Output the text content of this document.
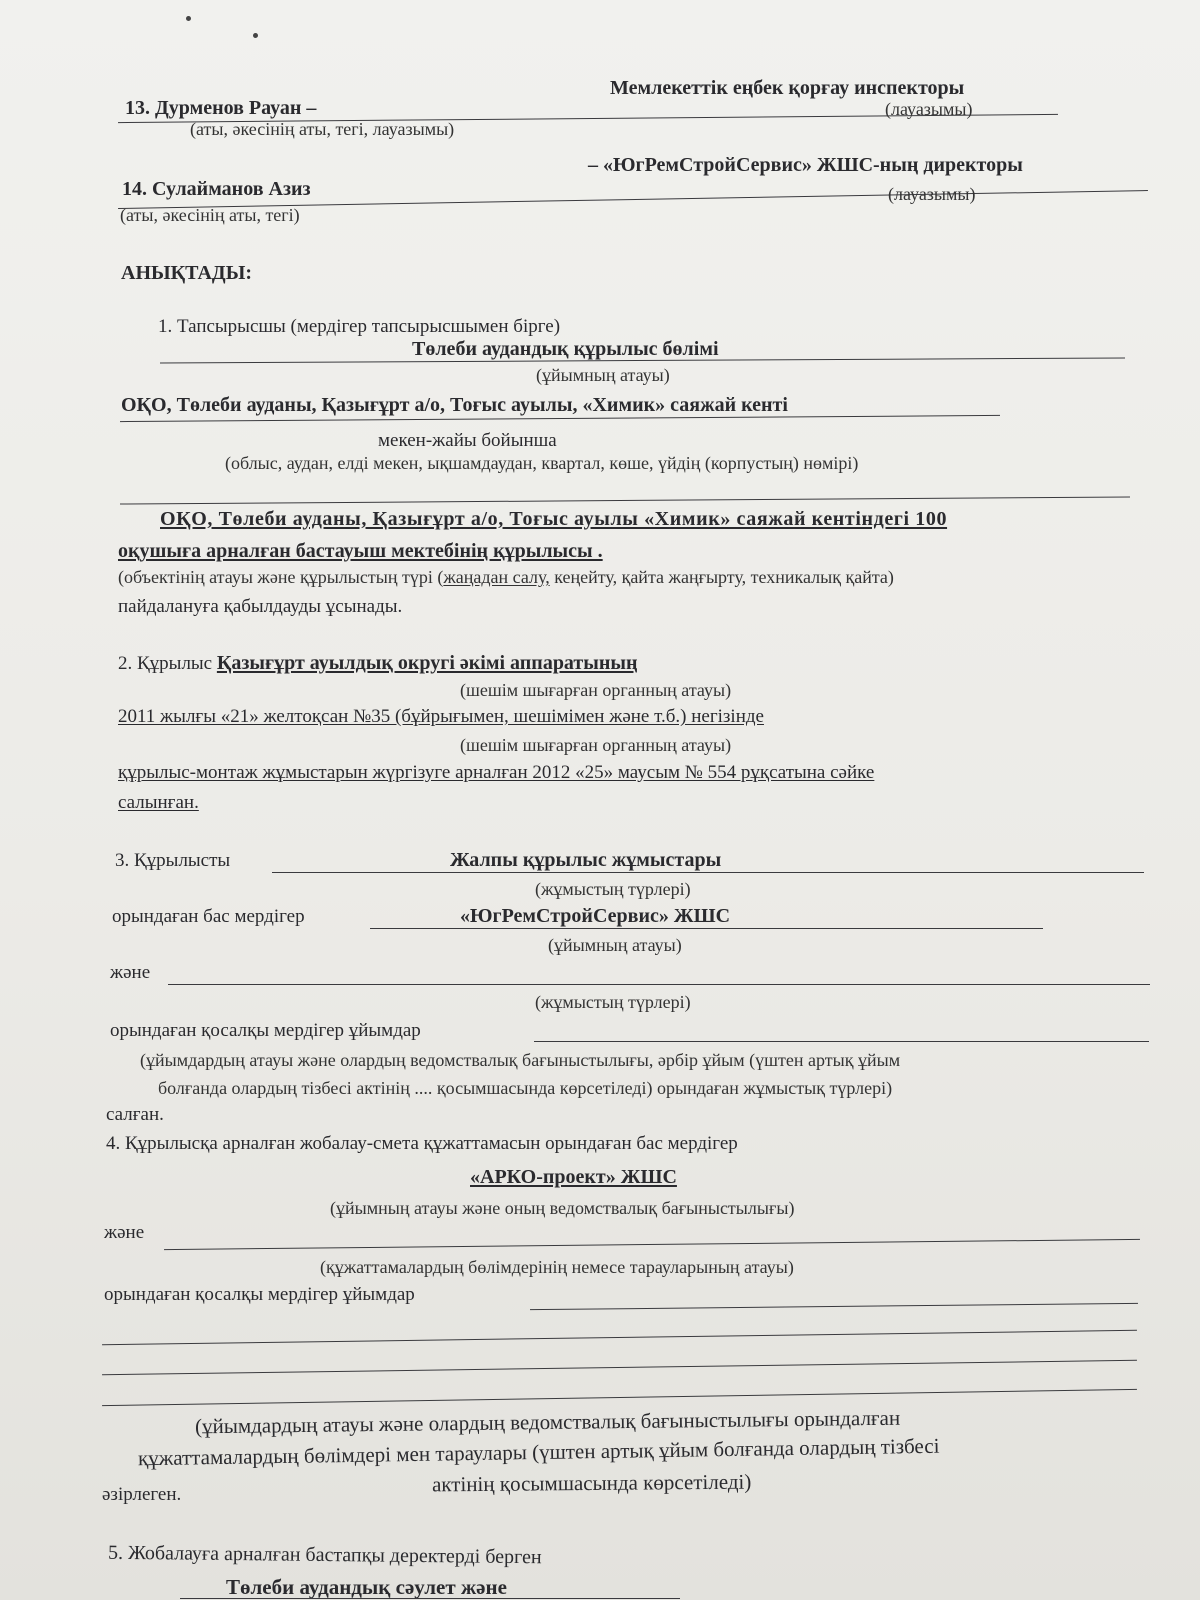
13. Дурменов Рауан –
Мемлекеттік еңбек қорғау инспекторы
(аты, әкесінің аты, тегі, лауазымы)
(лауазымы)
14. Сулайманов Азиз
– «ЮгРемСтройСервис» ЖШС-ның директоры
(аты, әкесінің аты, тегі)
(лауазымы)
АНЫҚТАДЫ:
1. Тапсырысшы (мердігер тапсырысшымен бірге)
Төлеби аудандық құрылыс бөлімі
(ұйымның атауы)
ОҚО, Төлеби ауданы, Қазығұрт а/о, Тоғыс ауылы, «Химик» саяжай кенті
мекен-жайы бойынша
(облыс, аудан, елді мекен, ықшамдаудан, квартал, көше, үйдің (корпустың) нөмірі)
ОҚО, Төлеби ауданы, Қазығұрт а/о, Тоғыс ауылы «Химик» саяжай кентіндегі 100
оқушыға арналған бастауыш мектебінің құрылысы .
(объектінің атауы және құрылыстың түрі (жаңадан салу, кеңейту, қайта жаңғырту, техникалық қайта)
пайдалануға қабылдауды ұсынады.
2. Құрылыс Қазығұрт ауылдық округі әкімі аппаратының
(шешім шығарған органның атауы)
2011 жылғы «21» желтоқсан №35 (бұйрығымен, шешімімен және т.б.) негізінде
(шешім шығарған органның атауы)
құрылыс-монтаж жұмыстарын жүргізуге арналған 2012 «25» маусым № 554 рұқсатына сәйке
салынған.
3. Құрылысты	Жалпы құрылыс жұмыстары
(жұмыстың түрлері)
орындаған бас мердігер	«ЮгРемСтройСервис» ЖШС
(ұйымның атауы)
және
(жұмыстың түрлері)
орындаған қосалқы мердігер ұйымдар
(ұйымдардың атауы және олардың ведомствалық бағыныстылығы, әрбір ұйым (үштен артық ұйым
болғанда олардың тізбесі актінің .... қосымшасында көрсетіледі) орындаған жұмыстық түрлері)
салған.
4. Құрылысқа арналған жобалау-смета құжаттамасын орындаған бас мердігер
«АРКО-проект» ЖШС
(ұйымның атауы және оның ведомствалық бағыныстылығы)
және
(құжаттамалардың бөлімдерінің немесе тарауларының атауы)
орындаған қосалқы мердігер ұйымдар
(ұйымдардың атауы және олардың ведомствалық бағыныстылығы орындалған
құжаттамалардың бөлімдері мен тараулары (үштен артық ұйым болғанда олардың тізбесі
актінің қосымшасында көрсетіледі)
әзірлеген.
5. Жобалауға арналған бастапқы деректерді берген
Төлеби аудандық сәулет және
